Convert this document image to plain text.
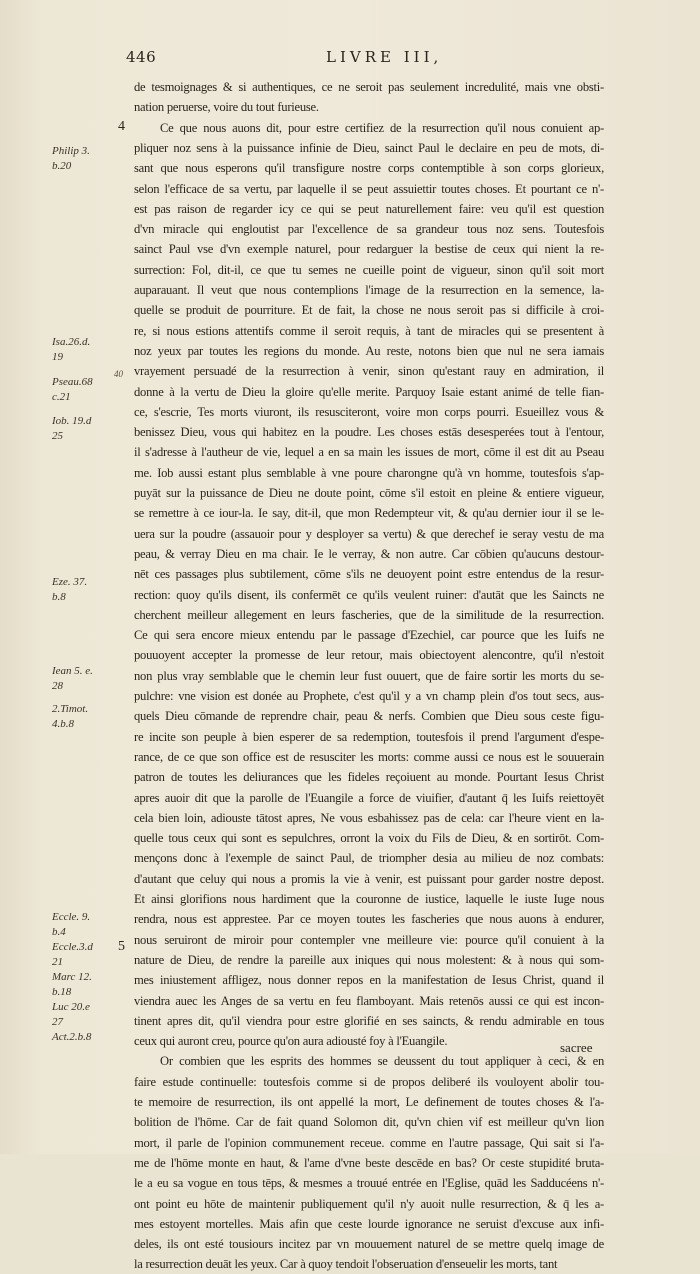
446	LIVRE III,
4
5
40
Philip 3.
b.20
Isa.26.d.
19
Pseau.68
c.21
Iob. 19.d
25
Eze. 37.
b.8
Iean 5. e.
28
2.Timot.
4.b.8
Eccle. 9.
b.4
Eccle.3.d
21
Marc 12.
b.18
Luc 20.e
27
Act.2.b.8
de tesmoignages & si authentiques, ce ne seroit pas seulement incredulité, mais vne obsti-
nation peruerse, voire du tout furieuse.
Ce que nous auons dit, pour estre certifiez de la resurrection qu'il nous conuient ap-
pliquer noz sens à la puissance infinie de Dieu, sainct Paul le declaire en peu de mots, di-
sant que nous esperons qu'il transfigure nostre corps contemptible à son corps glorieux,
selon l'efficace de sa vertu, par laquelle il se peut assuiettir toutes choses. Et pourtant ce n'-
est pas raison de regarder icy ce qui se peut naturellement faire: veu qu'il est question
d'vn miracle qui engloutist par l'excellence de sa grandeur tous noz sens. Toutesfois
sainct Paul vse d'vn exemple naturel, pour redarguer la bestise de ceux qui nient la re-
surrection: Fol, dit-il, ce que tu semes ne cueille point de vigueur, sinon qu'il soit mort
auparauant. Il veut que nous contemplions l'image de la resurrection en la semence, la-
quelle se produit de pourriture. Et de fait, la chose ne nous seroit pas si difficile à croi-
re, si nous estions attentifs comme il seroit requis, à tant de miracles qui se presentent à
noz yeux par toutes les regions du monde. Au reste, notons bien que nul ne sera iamais
vrayement persuadé de la resurrection à venir, sinon qu'estant rauy en admiration, il
donne à la vertu de Dieu la gloire qu'elle merite. Parquoy Isaie estant animé de telle fian-
ce, s'escrie, Tes morts viuront, ils resusciteront, voire mon corps pourri. Esueillez vous &
benissez Dieu, vous qui habitez en la poudre. Les choses estās desesperées tout à l'entour,
il s'adresse à l'autheur de vie, lequel a en sa main les issues de mort, cōme il est dit au Pseau
me. Iob aussi estant plus semblable à vne poure charongne qu'à vn homme, toutesfois s'ap-
puyāt sur la puissance de Dieu ne doute point, cōme s'il estoit en pleine & entiere vigueur,
se remettre à ce iour-la. Ie say, dit-il, que mon Redempteur vit, & qu'au dernier iour il se le-
uera sur la poudre (assauoir pour y desployer sa vertu) & que derechef ie seray vestu de ma
peau, & verray Dieu en ma chair. Ie le verray, & non autre. Car cōbien qu'aucuns destour-
nēt ces passages plus subtilement, cōme s'ils ne deuoyent point estre entendus de la resur-
rection: quoy qu'ils disent, ils confermēt ce qu'ils veulent ruiner: d'autāt que les Saincts ne
cherchent meilleur allegement en leurs fascheries, que de la similitude de la resurrection.
Ce qui sera encore mieux entendu par le passage d'Ezechiel, car pource que les Iuifs ne
pouuoyent accepter la promesse de leur retour, mais obiectoyent alencontre, qu'il n'estoit
non plus vray semblable que le chemin leur fust ouuert, que de faire sortir les morts du se-
pulchre: vne vision est donée au Prophete, c'est qu'il y a vn champ plein d'os tout secs, aus-
quels Dieu cōmande de reprendre chair, peau & nerfs. Combien que Dieu sous ceste figu-
re incite son peuple à bien esperer de sa redemption, toutesfois il prend l'argument d'espe-
rance, de ce que son office est de resusciter les morts: comme aussi ce nous est le souuerain
patron de toutes les deliurances que les fideles reçoiuent au monde. Pourtant Iesus Christ
apres auoir dit que la parolle de l'Euangile a force de viuifier, d'autant q̄ les Iuifs reiettoyēt
cela bien loin, adiouste tātost apres, Ne vous esbahissez pas de cela: car l'heure vient en la-
quelle tous ceux qui sont es sepulchres, orront la voix du Fils de Dieu, & en sortirōt. Com-
mençons donc à l'exemple de sainct Paul, de triompher desia au milieu de noz combats:
d'autant que celuy qui nous a promis la vie à venir, est puissant pour garder nostre depost.
Et ainsi glorifions nous hardiment que la couronne de iustice, laquelle le iuste Iuge nous
rendra, nous est apprestee. Par ce moyen toutes les fascheries que nous auons à endurer,
nous seruiront de miroir pour contempler vne meilleure vie: pource qu'il conuient à la
nature de Dieu, de rendre la pareille aux iniques qui nous molestent: & à nous qui som-
mes iniustement affligez, nous donner repos en la manifestation de Iesus Christ, quand il
viendra auec les Anges de sa vertu en feu flamboyant. Mais retenōs aussi ce qui est incon-
tinent apres dit, qu'il viendra pour estre glorifié en ses saincts, & rendu admirable en tous
ceux qui auront creu, pource qu'on aura adiousté foy à l'Euangile.
Or combien que les esprits des hommes se deussent du tout appliquer à ceci, & en
faire estude continuelle: toutesfois comme si de propos deliberé ils vouloyent abolir tou-
te memoire de resurrection, ils ont appellé la mort, Le definement de toutes choses & l'a-
bolition de l'hōme. Car de fait quand Solomon dit, qu'vn chien vif est meilleur qu'vn lion
mort, il parle de l'opinion communement receue. comme en l'autre passage, Qui sait si l'a-
me de l'hōme monte en haut, & l'ame d'vne beste descēde en bas? Or ceste stupidité bruta-
le a eu sa vogue en tous tēps, & mesmes a trouué entrée en l'Eglise, quād les Sadducéens n'-
ont point eu hōte de maintenir publiquement qu'il n'y auoit nulle resurrection, & q̄ les a-
mes estoyent mortelles. Mais afin que ceste lourde ignorance ne seruist d'excuse aux infi-
deles, ils ont esté tousiours incitez par vn mouuement naturel de se mettre quelq image de
la resurrection deuāt les yeux. Car à quoy tendoit l'obseruation d'enseuelir les morts, tant
sacree
